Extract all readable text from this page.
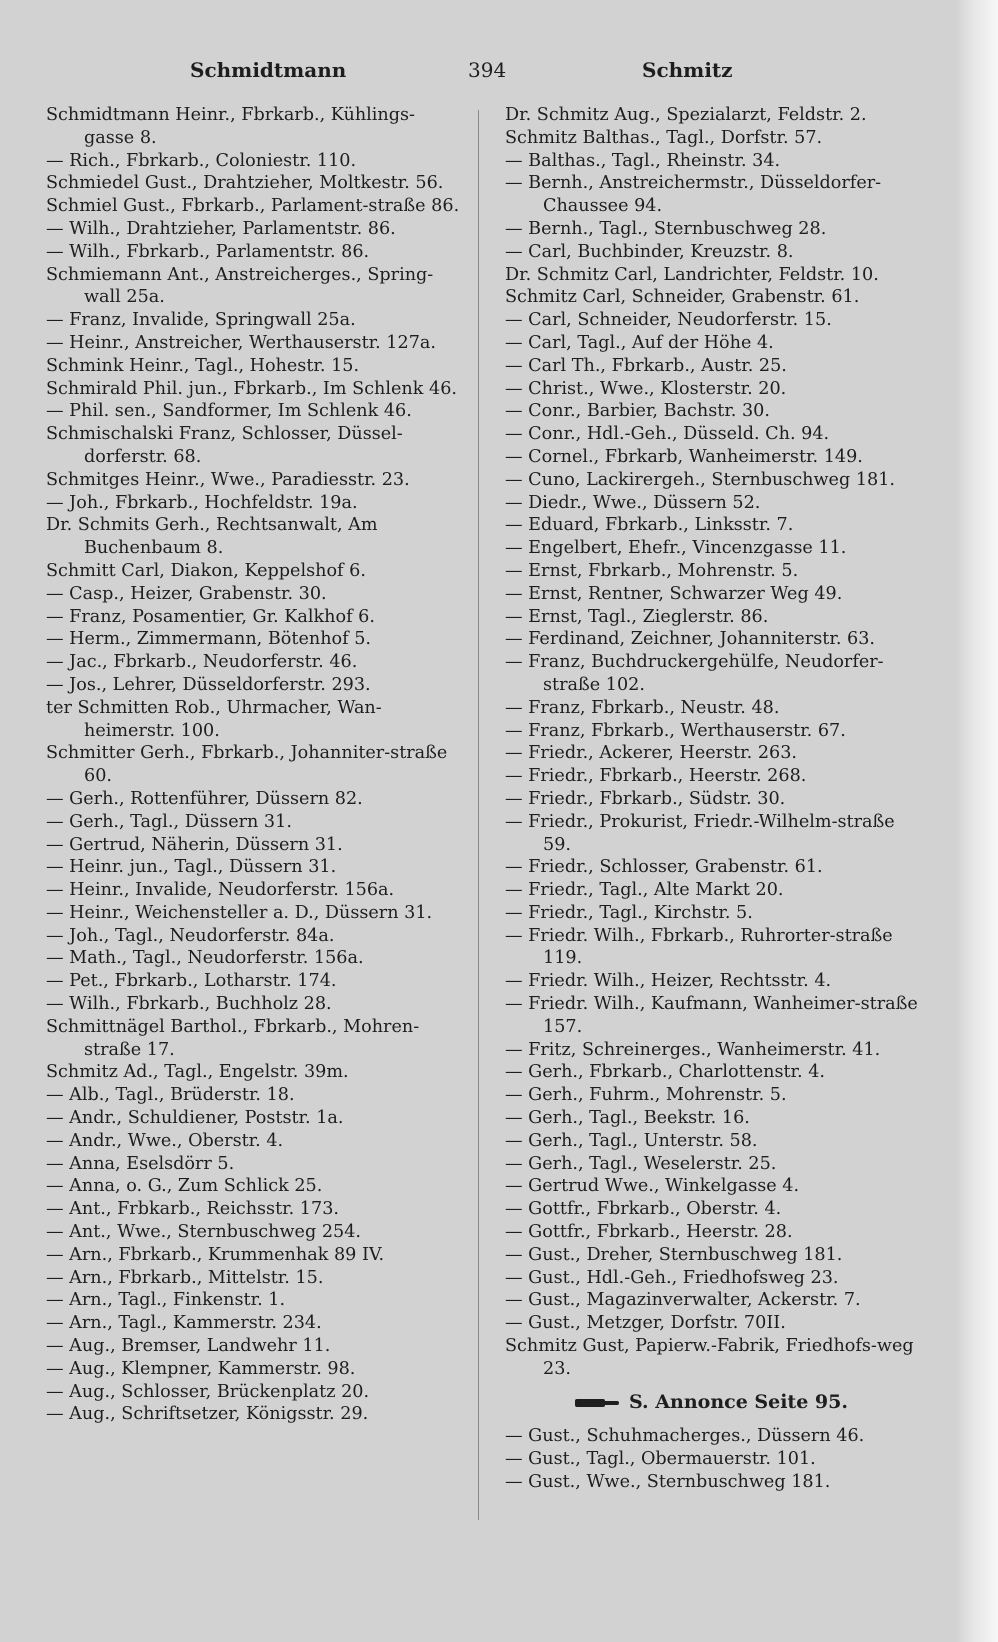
Schmidtmann	394	Schmitz
Schmidtmann Heinr., Fbrkarb., Kühlings-gasse 8.
— Rich., Fbrkarb., Coloniestr. 110.
Schmiedel Gust., Drahtzieher, Moltkestr. 56.
Schmiel Gust., Fbrkarb., Parlament-straße 86.
— Wilh., Drahtzieher, Parlamentstr. 86.
— Wilh., Fbrkarb., Parlamentstr. 86.
Schmiemann Ant., Anstreicherges., Spring-wall 25a.
— Franz, Invalide, Springwall 25a.
— Heinr., Anstreicher, Werthauserstr. 127a.
Schmink Heinr., Tagl., Hohestr. 15.
Schmirald Phil. jun., Fbrkarb., Im Schlenk 46.
— Phil. sen., Sandformer, Im Schlenk 46.
Schmischalski Franz, Schlosser, Düssel-dorferstr. 68.
Schmitges Heinr., Wwe., Paradiesstr. 23.
— Joh., Fbrkarb., Hochfeldstr. 19a.
Dr. Schmits Gerh., Rechtsanwalt, Am Buchenbaum 8.
Schmitt Carl, Diakon, Keppelshof 6.
— Casp., Heizer, Grabenstr. 30.
— Franz, Posamentier, Gr. Kalkhof 6.
— Herm., Zimmermann, Bötenhof 5.
— Jac., Fbrkarb., Neudorferstr. 46.
— Jos., Lehrer, Düsseldorferstr. 293.
ter Schmitten Rob., Uhrmacher, Wan-heimerstr. 100.
Schmitter Gerh., Fbrkarb., Johanniter-straße 60.
— Gerh., Rottenführer, Düssern 82.
— Gerh., Tagl., Düssern 31.
— Gertrud, Näherin, Düssern 31.
— Heinr. jun., Tagl., Düssern 31.
— Heinr., Invalide, Neudorferstr. 156a.
— Heinr., Weichensteller a. D., Düssern 31.
— Joh., Tagl., Neudorferstr. 84a.
— Math., Tagl., Neudorferstr. 156a.
— Pet., Fbrkarb., Lotharstr. 174.
— Wilh., Fbrkarb., Buchholz 28.
Schmittnägel Barthol., Fbrkarb., Mohren-straße 17.
Schmitz Ad., Tagl., Engelstr. 39m.
— Alb., Tagl., Brüderstr. 18.
— Andr., Schuldiener, Poststr. 1a.
— Andr., Wwe., Oberstr. 4.
— Anna, Eselsdörr 5.
— Anna, o. G., Zum Schlick 25.
— Ant., Frbkarb., Reichsstr. 173.
— Ant., Wwe., Sternbuschweg 254.
— Arn., Fbrkarb., Krummenhak 89 IV.
— Arn., Fbrkarb., Mittelstr. 15.
— Arn., Tagl., Finkenstr. 1.
— Arn., Tagl., Kammerstr. 234.
— Aug., Bremser, Landwehr 11.
— Aug., Klempner, Kammerstr. 98.
— Aug., Schlosser, Brückenplatz 20.
— Aug., Schriftsetzer, Königsstr. 29.
Dr. Schmitz Aug., Spezialarzt, Feldstr. 2.
Schmitz Balthas., Tagl., Dorfstr. 57.
— Balthas., Tagl., Rheinstr. 34.
— Bernh., Anstreichermstr., Düsseldorfer-Chaussee 94.
— Bernh., Tagl., Sternbuschweg 28.
— Carl, Buchbinder, Kreuzstr. 8.
Dr. Schmitz Carl, Landrichter, Feldstr. 10.
Schmitz Carl, Schneider, Grabenstr. 61.
— Carl, Schneider, Neudorferstr. 15.
— Carl, Tagl., Auf der Höhe 4.
— Carl Th., Fbrkarb., Austr. 25.
— Christ., Wwe., Klosterstr. 20.
— Conr., Barbier, Bachstr. 30.
— Conr., Hdl.-Geh., Düsseld. Ch. 94.
— Cornel., Fbrkarb, Wanheimerstr. 149.
— Cuno, Lackirergeh., Sternbuschweg 181.
— Diedr., Wwe., Düssern 52.
— Eduard, Fbrkarb., Linksstr. 7.
— Engelbert, Ehefr., Vincenzgasse 11.
— Ernst, Fbrkarb., Mohrenstr. 5.
— Ernst, Rentner, Schwarzer Weg 49.
— Ernst, Tagl., Zieglerstr. 86.
— Ferdinand, Zeichner, Johanniterstr. 63.
— Franz, Buchdruckergehülfe, Neudorfer-straße 102.
— Franz, Fbrkarb., Neustr. 48.
— Franz, Fbrkarb., Werthauserstr. 67.
— Friedr., Ackerer, Heerstr. 263.
— Friedr., Fbrkarb., Heerstr. 268.
— Friedr., Fbrkarb., Südstr. 30.
— Friedr., Prokurist, Friedr.-Wilhelm-straße 59.
— Friedr., Schlosser, Grabenstr. 61.
— Friedr., Tagl., Alte Markt 20.
— Friedr., Tagl., Kirchstr. 5.
— Friedr. Wilh., Fbrkarb., Ruhrorter-straße 119.
— Friedr. Wilh., Heizer, Rechtsstr. 4.
— Friedr. Wilh., Kaufmann, Wanheimer-straße 157.
— Fritz, Schreinerges., Wanheimerstr. 41.
— Gerh., Fbrkarb., Charlottenstr. 4.
— Gerh., Fuhrm., Mohrenstr. 5.
— Gerh., Tagl., Beekstr. 16.
— Gerh., Tagl., Unterstr. 58.
— Gerh., Tagl., Weselerstr. 25.
— Gertrud Wwe., Winkelgasse 4.
— Gottfr., Fbrkarb., Oberstr. 4.
— Gottfr., Fbrkarb., Heerstr. 28.
— Gust., Dreher, Sternbuschweg 181.
— Gust., Hdl.-Geh., Friedhofsweg 23.
— Gust., Magazinverwalter, Ackerstr. 7.
— Gust., Metzger, Dorfstr. 70II.
Schmitz Gust, Papierw.-Fabrik, Friedhofs-weg 23.
S. Annonce Seite 95.
— Gust., Schuhmacherges., Düssern 46.
— Gust., Tagl., Obermauerstr. 101.
— Gust., Wwe., Sternbuschweg 181.
